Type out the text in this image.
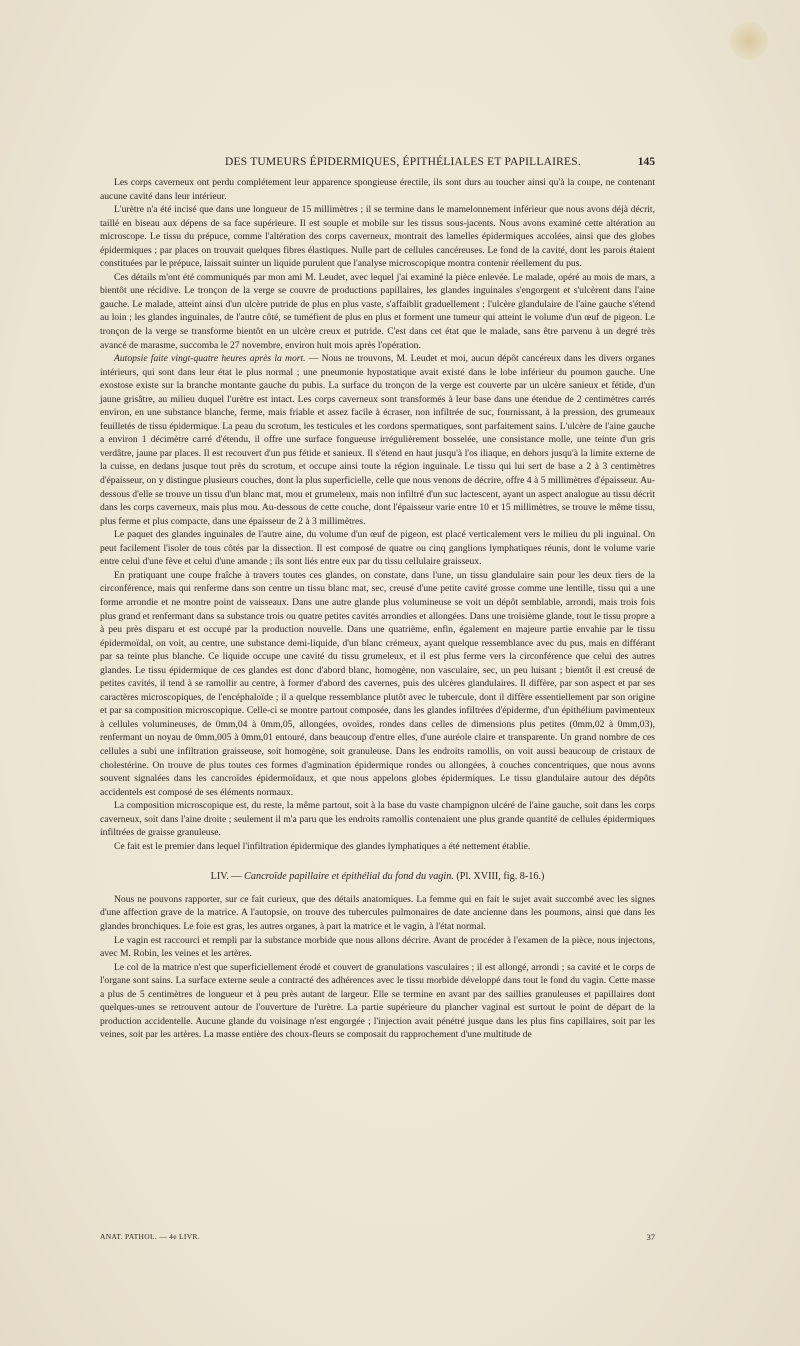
DES TUMEURS ÉPIDERMIQUES, ÉPITHÉLIALES ET PAPILLAIRES.	145

Les corps caverneux ont perdu complétement leur apparence spongieuse érectile, ils sont durs au toucher ainsi qu'à la coupe, ne contenant aucune cavité dans leur intérieur.

L'urètre n'a été incisé que dans une longueur de 15 millimètres ; il se termine dans le mamelonnement inférieur que nous avons déjà décrit, taillé en biseau aux dépens de sa face supérieure. Il est souple et mobile sur les tissus sous-jacents. Nous avons examiné cette altération au microscope. Le tissu du prépuce, comme l'altération des corps caverneux, montrait des lamelles épidermiques accolées, ainsi que des globes épidermiques ; par places on trouvait quelques fibres élastiques. Nulle part de cellules cancéreuses. Le fond de la cavité, dont les parois étaient constituées par le prépuce, laissait suinter un liquide purulent que l'analyse microscopique montra contenir réellement du pus.

Ces détails m'ont été communiqués par mon ami M. Leudet, avec lequel j'ai examiné la pièce enlevée. Le malade, opéré au mois de mars, a bientôt une récidive. Le tronçon de la verge se couvre de productions papillaires, les glandes inguinales s'engorgent et s'ulcèrent dans l'aine gauche. Le malade, atteint ainsi d'un ulcère putride de plus en plus vaste, s'affaiblit graduellement ; l'ulcère glandulaire de l'aine gauche s'étend au loin ; les glandes inguinales, de l'autre côté, se tuméfient de plus en plus et forment une tumeur qui atteint le volume d'un œuf de pigeon. Le tronçon de la verge se transforme bientôt en un ulcère creux et putride. C'est dans cet état que le malade, sans être parvenu à un degré très avancé de marasme, succomba le 27 novembre, environ huit mois après l'opération.

Autopsie faite vingt-quatre heures après la mort. — Nous ne trouvons, M. Leudet et moi, aucun dépôt cancéreux dans les divers organes intérieurs, qui sont dans leur état le plus normal ; une pneumonie hypostatique avait existé dans le lobe inférieur du poumon gauche. Une exostose existe sur la branche montante gauche du pubis. La surface du tronçon de la verge est couverte par un ulcère sanieux et fétide, d'un jaune grisâtre, au milieu duquel l'urètre est intact. Les corps caverneux sont transformés à leur base dans une étendue de 2 centimètres carrés environ, en une substance blanche, ferme, mais friable et assez facile à écraser, non infiltrée de suc, fournissant, à la pression, des grumeaux feuilletés de tissu épidermique. La peau du scrotum, les testicules et les cordons spermatiques, sont parfaitement sains. L'ulcère de l'aine gauche a environ 1 décimètre carré d'étendu, il offre une surface fongueuse irrégulièrement bosselée, une consistance molle, une teinte d'un gris verdâtre, jaune par places. Il est recouvert d'un pus fétide et sanieux. Il s'étend en haut jusqu'à l'os iliaque, en dehors jusqu'à la limite externe de la cuisse, en dedans jusque tout près du scrotum, et occupe ainsi toute la région inguinale. Le tissu qui lui sert de base a 2 à 3 centimètres d'épaisseur, on y distingue plusieurs couches, dont la plus superficielle, celle que nous venons de décrire, offre 4 à 5 millimètres d'épaisseur. Au-dessous d'elle se trouve un tissu d'un blanc mat, mou et grumeleux, mais non infiltré d'un suc lactescent, ayant un aspect analogue au tissu décrit dans les corps caverneux, mais plus mou. Au-dessous de cette couche, dont l'épaisseur varie entre 10 et 15 millimètres, se trouve le même tissu, plus ferme et plus compacte, dans une épaisseur de 2 à 3 millimètres.

Le paquet des glandes inguinales de l'autre aine, du volume d'un œuf de pigeon, est placé verticalement vers le milieu du pli inguinal. On peut facilement l'isoler de tous côtés par la dissection. Il est composé de quatre ou cinq ganglions lymphatiques réunis, dont le volume varie entre celui d'une fève et celui d'une amande ; ils sont liés entre eux par du tissu cellulaire graisseux.

En pratiquant une coupe fraîche à travers toutes ces glandes, on constate, dans l'une, un tissu glandulaire sain pour les deux tiers de la circonférence, mais qui renferme dans son centre un tissu blanc mat, sec, creusé d'une petite cavité grosse comme une lentille, tissu qui a une forme arrondie et ne montre point de vaisseaux. Dans une autre glande plus volumineuse se voit un dépôt semblable, arrondi, mais trois fois plus grand et renfermant dans sa substance trois ou quatre petites cavités arrondies et allongées. Dans une troisième glande, tout le tissu propre a à peu près disparu et est occupé par la production nouvelle. Dans une quatrième, enfin, également en majeure partie envahie par le tissu épidermoïdal, on voit, au centre, une substance demi-liquide, d'un blanc crémeux, ayant quelque ressemblance avec du pus, mais en différant par sa teinte plus blanche. Ce liquide occupe une cavité du tissu grumeleux, et il est plus ferme vers la circonférence que celui des autres glandes. Le tissu épidermique de ces glandes est donc d'abord blanc, homogène, non vasculaire, sec, un peu luisant ; bientôt il est creusé de petites cavités, il tend à se ramollir au centre, à former d'abord des cavernes, puis des ulcères glandulaires. Il diffère, par son aspect et par ses caractères microscopiques, de l'encéphaloïde ; il a quelque ressemblance plutôt avec le tubercule, dont il diffère essentiellement par son origine et par sa composition microscopique. Celle-ci se montre partout composée, dans les glandes infiltrées d'épiderme, d'un épithélium pavimenteux à cellules volumineuses, de 0mm,04 à 0mm,05, allongées, ovoïdes, rondes dans celles de dimensions plus petites (0mm,02 à 0mm,03), renfermant un noyau de 0mm,005 à 0mm,01 entouré, dans beaucoup d'entre elles, d'une auréole claire et transparente. Un grand nombre de ces cellules a subi une infiltration graisseuse, soit homogène, soit granuleuse. Dans les endroits ramollis, on voit aussi beaucoup de cristaux de cholestérine. On trouve de plus toutes ces formes d'agmination épidermique rondes ou allongées, à couches concentriques, que nous avons souvent signalées dans les cancroïdes épidermoïdaux, et que nous appelons globes épidermiques. Le tissu glandulaire autour des dépôts accidentels est composé de ses éléments normaux.

La composition microscopique est, du reste, la même partout, soit à la base du vaste champignon ulcéré de l'aine gauche, soit dans les corps caverneux, soit dans l'aine droite ; seulement il m'a paru que les endroits ramollis contenaient une plus grande quantité de cellules épidermiques infiltrées de graisse granuleuse.

Ce fait est le premier dans lequel l'infiltration épidermique des glandes lymphatiques a été nettement établie.

LIV. — Cancroïde papillaire et épithélial du fond du vagin. (Pl. XVIII, fig. 8-16.)

Nous ne pouvons rapporter, sur ce fait curieux, que des détails anatomiques. La femme qui en fait le sujet avait succombé avec les signes d'une affection grave de la matrice. A l'autopsie, on trouve des tubercules pulmonaires de date ancienne dans les poumons, ainsi que dans les glandes bronchiques. Le foie est gras, les autres organes, à part la matrice et le vagin, à l'état normal.

Le vagin est raccourci et rempli par la substance morbide que nous allons décrire. Avant de procéder à l'examen de la pièce, nous injectons, avec M. Robin, les veines et les artères.

Le col de la matrice n'est que superficiellement érodé et couvert de granulations vasculaires ; il est allongé, arrondi ; sa cavité et le corps de l'organe sont sains. La surface externe seule a contracté des adhérences avec le tissu morbide développé dans tout le fond du vagin. Cette masse a plus de 5 centimètres de longueur et à peu près autant de largeur. Elle se termine en avant par des saillies granuleuses et papillaires dont quelques-unes se retrouvent autour de l'ouverture de l'urètre. La partie supérieure du plancher vaginal est surtout le point de départ de la production accidentelle. Aucune glande du voisinage n'est engorgée ; l'injection avait pénétré jusque dans les plus fins capillaires, soit par les veines, soit par les artères. La masse entière des choux-fleurs se composait du rapprochement d'une multitude de

ANAT. PATHOL. — 4e LIVR.	37
